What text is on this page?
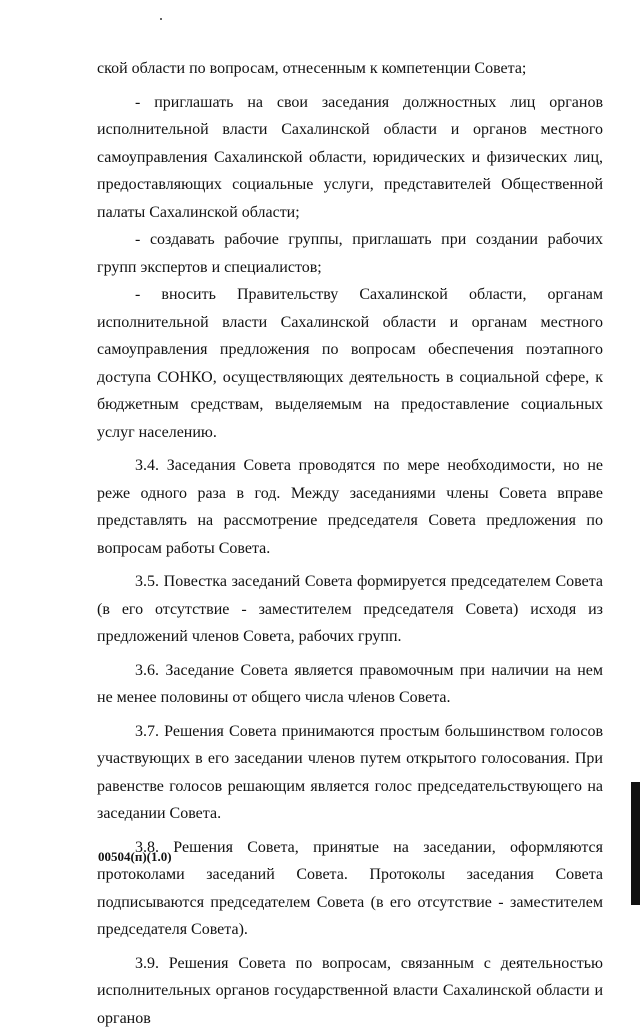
ской области по вопросам, отнесенным к компетенции Совета;

- приглашать на свои заседания должностных лиц органов исполнительной власти Сахалинской области и органов местного самоуправления Сахалинской области, юридических и физических лиц, предоставляющих социальные услуги, представителей Общественной палаты Сахалинской области;

- создавать рабочие группы, приглашать при создании рабочих групп экспертов и специалистов;

- вносить Правительству Сахалинской области, органам исполнительной власти Сахалинской области и органам местного самоуправления предложения по вопросам обеспечения поэтапного доступа СОНКО, осуществляющих деятельность в социальной сфере, к бюджетным средствам, выделяемым на предоставление социальных услуг населению.

3.4. Заседания Совета проводятся по мере необходимости, но не реже одного раза в год. Между заседаниями члены Совета вправе представлять на рассмотрение председателя Совета предложения по вопросам работы Совета.

3.5. Повестка заседаний Совета формируется председателем Совета (в его отсутствие - заместителем председателя Совета) исходя из предложений членов Совета, рабочих групп.

3.6. Заседание Совета является правомочным при наличии на нем не менее половины от общего числа членов Совета.

3.7. Решения Совета принимаются простым большинством голосов участвующих в его заседании членов путем открытого голосования. При равенстве голосов решающим является голос председательствующего на заседании Совета.

3.8. Решения Совета, принятые на заседании, оформляются протоколами заседаний Совета. Протоколы заседания Совета подписываются председателем Совета (в его отсутствие - заместителем председателя Совета).

3.9. Решения Совета по вопросам, связанным с деятельностью исполнительных органов государственной власти Сахалинской области и органов

00504(п)(1.0)
